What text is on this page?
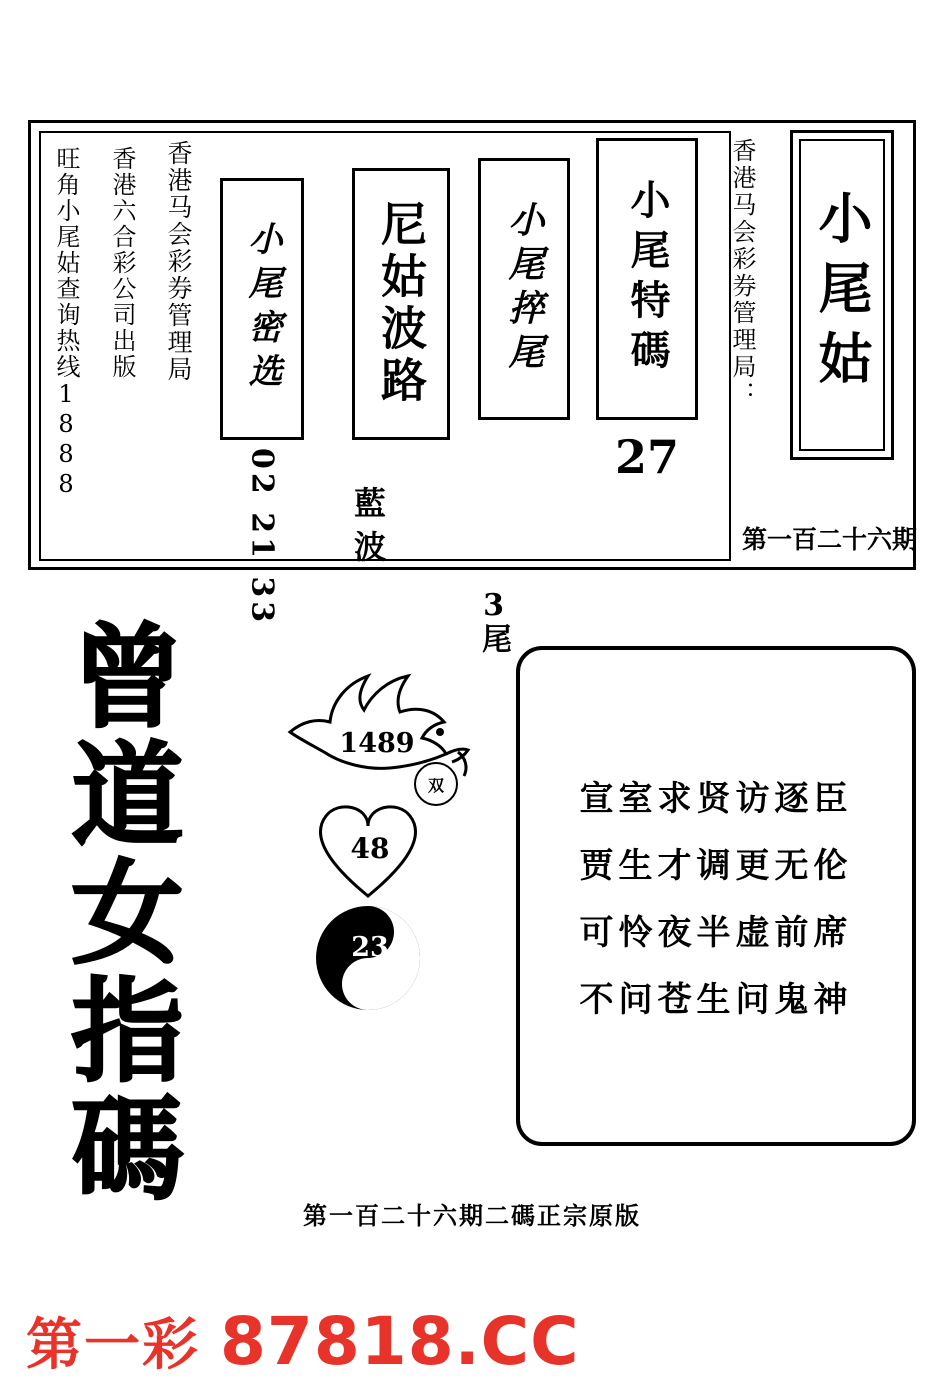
小尾姑
香港马会彩券管理局：
第一百二十六期
小尾特碼
27
小尾捽尾
3尾
尼姑波路
藍波
小尾密选
02 21 33
香港马会彩券管理局
香港六合彩公司出版
旺角小尾姑查询热线1888
曾道女指碼	1489
双
48
23
宣室求贤访逐臣
贾生才调更无伦
可怜夜半虚前席
不问苍生问鬼神
第一百二十六期二碼正宗原版
第一彩 87818.CC
